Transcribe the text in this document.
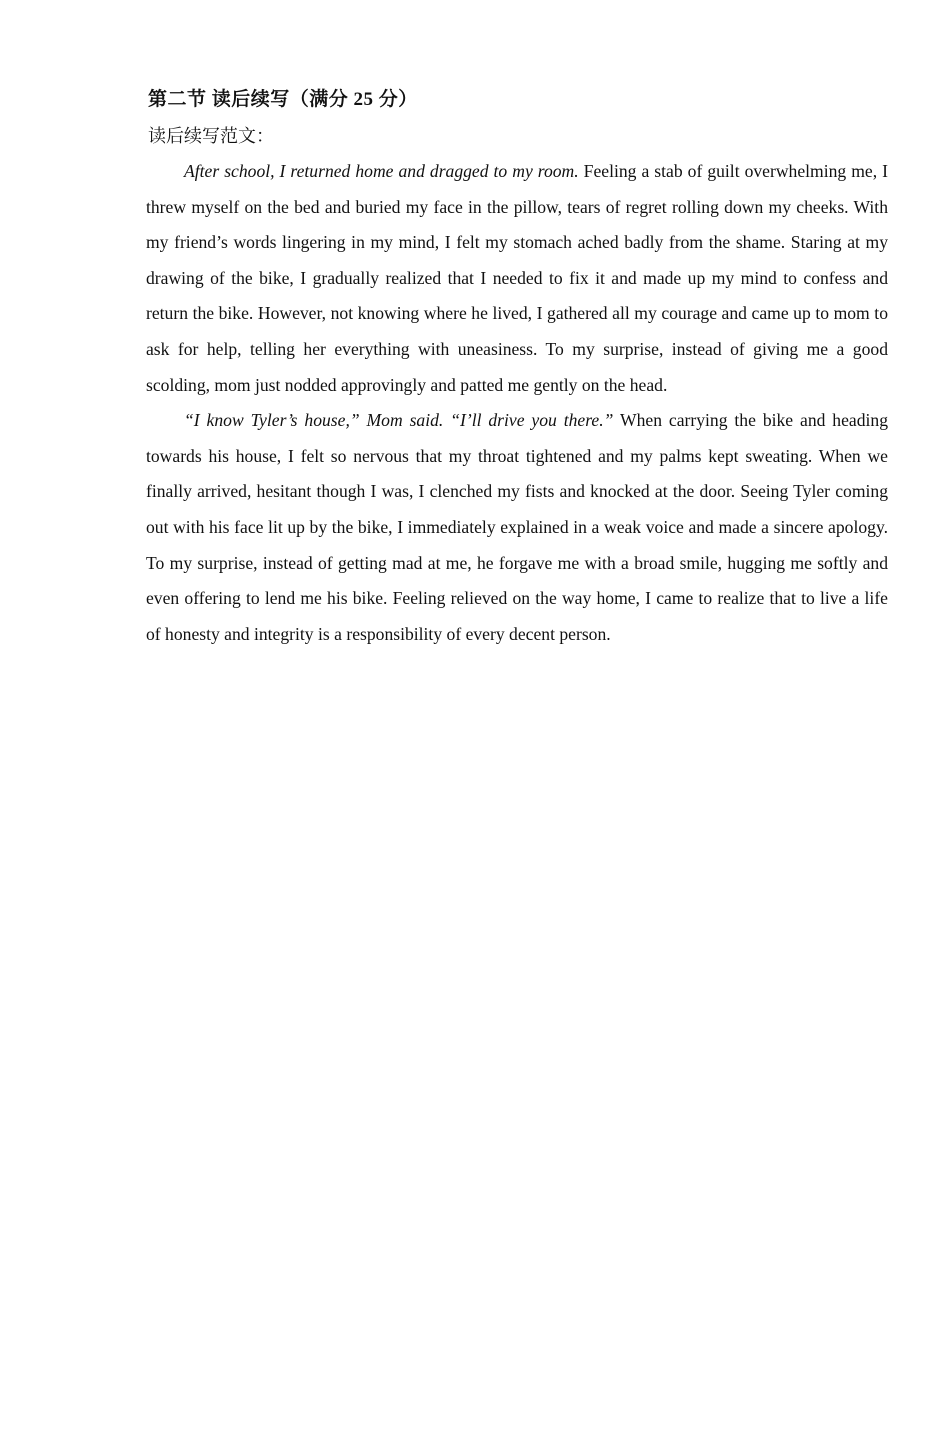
第二节 读后续写（满分 25 分）
读后续写范文：

After school, I returned home and dragged to my room. Feeling a stab of guilt overwhelming me, I threw myself on the bed and buried my face in the pillow, tears of regret rolling down my cheeks. With my friend’s words lingering in my mind, I felt my stomach ached badly from the shame. Staring at my drawing of the bike, I gradually realized that I needed to fix it and made up my mind to confess and return the bike. However, not knowing where he lived, I gathered all my courage and came up to mom to ask for help, telling her everything with uneasiness. To my surprise, instead of giving me a good scolding, mom just nodded approvingly and patted me gently on the head.

“I know Tyler’s house,” Mom said. “I’ll drive you there.” When carrying the bike and heading towards his house, I felt so nervous that my throat tightened and my palms kept sweating. When we finally arrived, hesitant though I was, I clenched my fists and knocked at the door. Seeing Tyler coming out with his face lit up by the bike, I immediately explained in a weak voice and made a sincere apology. To my surprise, instead of getting mad at me, he forgave me with a broad smile, hugging me softly and even offering to lend me his bike. Feeling relieved on the way home, I came to realize that to live a life of honesty and integrity is a responsibility of every decent person.
